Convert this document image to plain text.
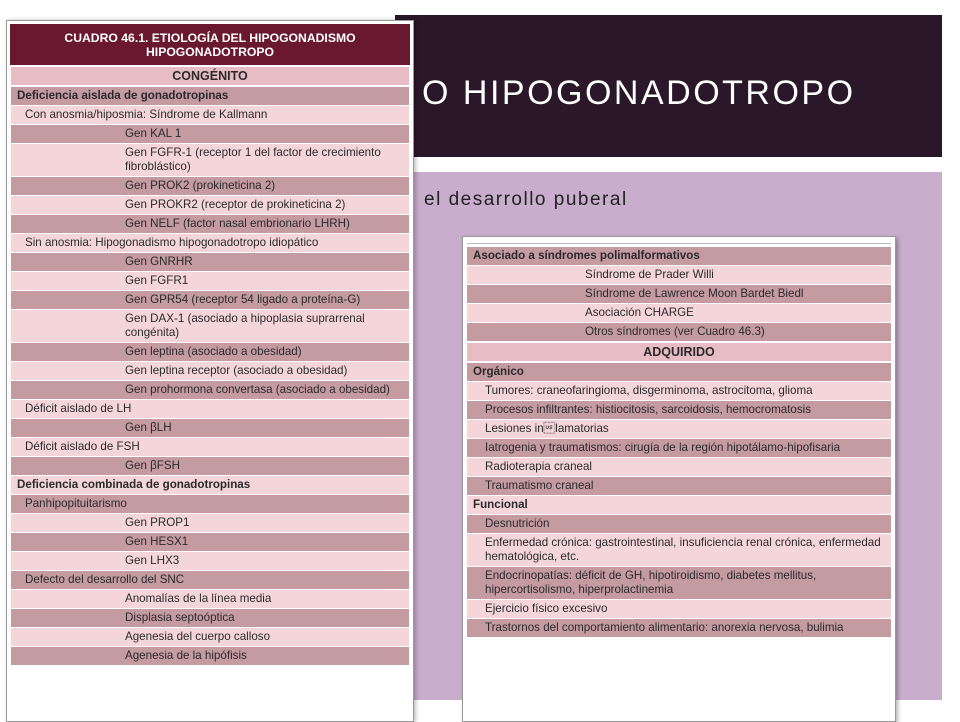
O HIPOGONADOTROPO
el desarrollo puberal
CUADRO 46.1. ETIOLOGÍA DEL HIPOGONADISMO HIPOGONADOTROPO
CONGÉNITO
Deficiencia aislada de gonadotropinas
Con anosmia/hiposmia: Síndrome de Kallmann
Gen KAL 1
Gen FGFR-1 (receptor 1 del factor de crecimiento fibroblástico)
Gen PROK2 (prokineticina 2)
Gen PROKR2 (receptor de prokineticina 2)
Gen NELF (factor nasal embrionario LHRH)
Sin anosmia: Hipogonadismo hipogonadotropo idiopático
Gen GNRHR
Gen FGFR1
Gen GPR54 (receptor 54 ligado a proteína-G)
Gen DAX-1 (asociado a hipoplasia suprarrenal congénita)
Gen leptina (asociado a obesidad)
Gen leptina receptor (asociado a obesidad)
Gen prohormona convertasa (asociado a obesidad)
Déficit aislado de LH
Gen βLH
Déficit aislado de FSH
Gen βFSH
Deficiencia combinada de gonadotropinas
Panhipopituitarismo
Gen PROP1
Gen HESX1
Gen LHX3
Defecto del desarrollo del SNC
Anomalías de la línea media
Displasia septoóptica
Agenesia del cuerpo calloso
Agenesia de la hipófisis
Asociado a síndromes polimalformativos
Síndrome de Prader Willi
Síndrome de Lawrence Moon Bardet Biedl
Asociación CHARGE
Otros síndromes (ver Cuadro 46.3)
ADQUIRIDO
Orgánico
Tumores: craneofaringioma, disgerminoma, astrocitoma, glioma
Procesos infiltrantes: histiocitosis, sarcoidosis, hemocromatosis
Lesiones inlamatorias
Iatrogenia y traumatismos: cirugía de la región hipotálamo-hipofisaria
Radioterapia craneal
Traumatismo craneal
Funcional
Desnutrición
Enfermedad crónica: gastrointestinal, insuficiencia renal crónica, enfermedad hematológica, etc.
Endocrinopatías: déficit de GH, hipotiroidismo, diabetes mellitus, hipercortisolismo, hiperprolactinemia
Ejercicio físico excesivo
Trastornos del comportamiento alimentario: anorexia nervosa, bulimia
